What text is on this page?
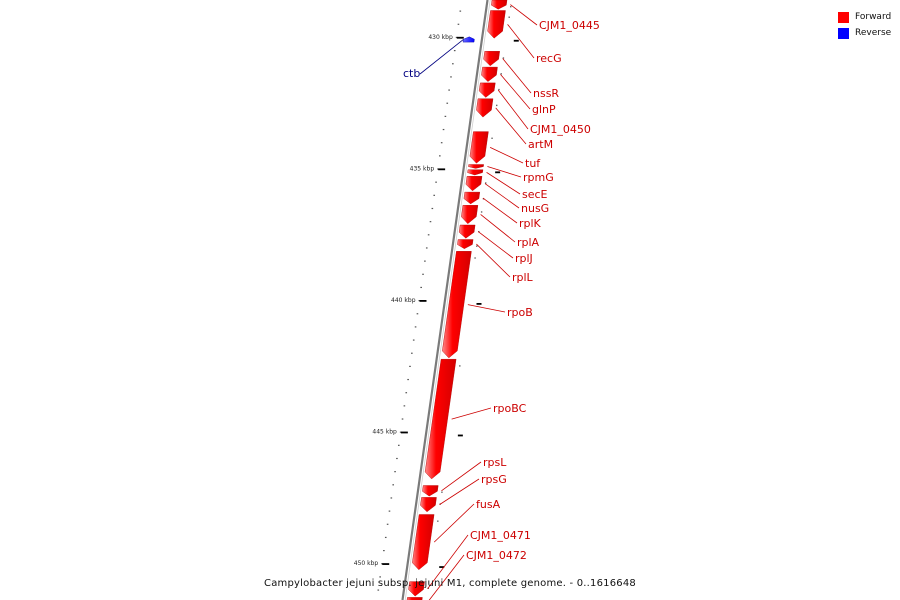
430 kbp
435 kbp
440 kbp
445 kbp
450 kbp
CJM1_0445
recG
ctb
nssR
glnP
CJM1_0450
artM
tuf
rpmG
secE
nusG
rplK
rplA
rplJ
rplL
rpoB
rpoBC
rpsL
rpsG
fusA
CJM1_0471
CJM1_0472
Forward
Reverse
Campylobacter jejuni subsp. jejuni M1, complete genome. - 0..1616648
